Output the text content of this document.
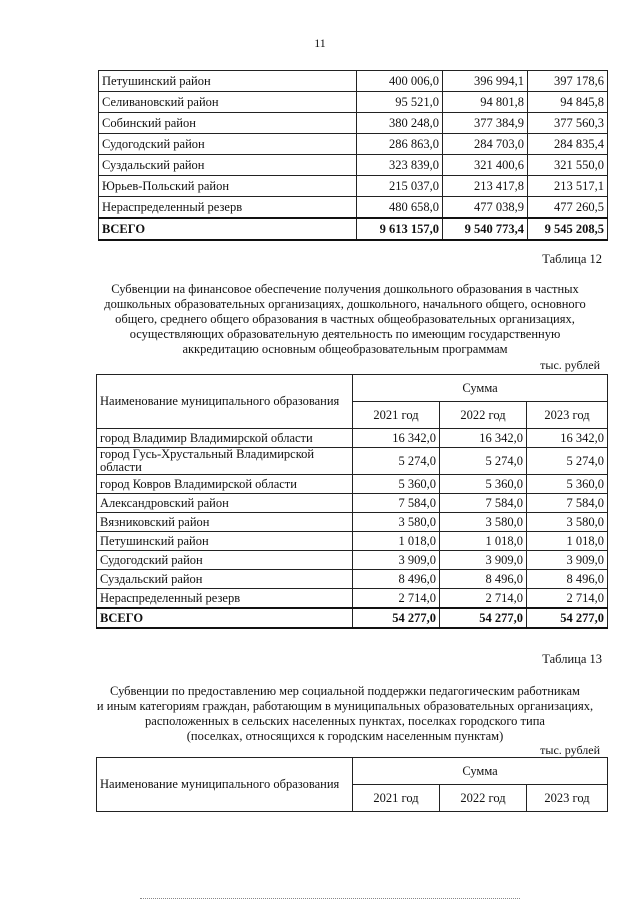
11
Петушинский район	400 006,0	396 994,1	397 178,6
Селивановский район	95 521,0	94 801,8	94 845,8
Собинский район	380 248,0	377 384,9	377 560,3
Судогодский район	286 863,0	284 703,0	284 835,4
Суздальский район	323 839,0	321 400,6	321 550,0
Юрьев-Польский район	215 037,0	213 417,8	213 517,1
Нераспределенный резерв	480 658,0	477 038,9	477 260,5
ВСЕГО	9 613 157,0	9 540 773,4	9 545 208,5
Таблица 12
Субвенции на финансовое обеспечение получения дошкольного образования в частных
дошкольных образовательных организациях, дошкольного, начального общего, основного
общего, среднего общего образования в частных общеобразовательных организациях,
осуществляющих образовательную деятельность по имеющим государственную
аккредитацию основным общеобразовательным программам
тыс. рублей
Наименование муниципального образования	Сумма		
	2021 год	2022 год	2023 год
город Владимир Владимирской области	16 342,0	16 342,0	16 342,0
город Гусь-Хрустальный Владимирской области	5 274,0	5 274,0	5 274,0
город Ковров Владимирской области	5 360,0	5 360,0	5 360,0
Александровский район	7 584,0	7 584,0	7 584,0
Вязниковский район	3 580,0	3 580,0	3 580,0
Петушинский район	1 018,0	1 018,0	1 018,0
Судогодский район	3 909,0	3 909,0	3 909,0
Суздальский район	8 496,0	8 496,0	8 496,0
Нераспределенный резерв	2 714,0	2 714,0	2 714,0
ВСЕГО	54 277,0	54 277,0	54 277,0
Таблица 13
Субвенции по предоставлению мер социальной поддержки педагогическим работникам
и иным категориям граждан, работающим в муниципальных образовательных организациях,
расположенных в сельских населенных пунктах, поселках городского типа
(поселках, относящихся к городским населенным пунктам)
тыс. рублей
Наименование муниципального образования	Сумма		
	2021 год	2022 год	2023 год
